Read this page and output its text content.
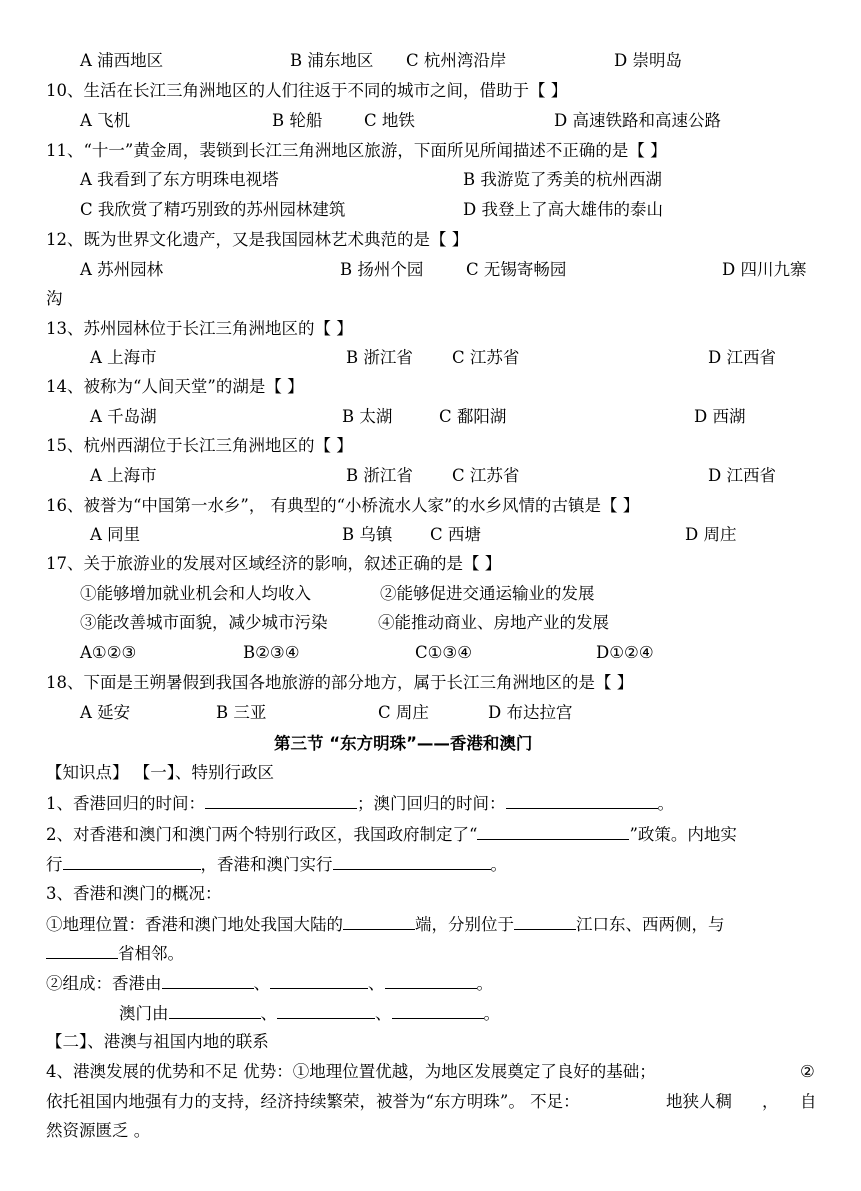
A 浦西地区	B 浦东地区 C 杭州湾沿岸	D 崇明岛
10、生活在长江三角洲地区的人们往返于不同的城市之间，借助于【 】
A 飞机	B 轮船	C 地铁	D 高速铁路和高速公路
11、“十一”黄金周，裴锁到长江三角洲地区旅游，下面所见所闻描述不正确的是【 】
A 我看到了东方明珠电视塔	B 我游览了秀美的杭州西湖
C 我欣赏了精巧别致的苏州园林建筑	D 我登上了高大雄伟的泰山
12、既为世界文化遗产，又是我国园林艺术典范的是【 】
A 苏州园林	B 扬州个园	C 无锡寄畅园	D 四川九寨
沟
13、苏州园林位于长江三角洲地区的【 】
A 上海市	B 浙江省 C 江苏省	D 江西省
14、被称为“人间天堂”的湖是【 】
A 千岛湖	B 太湖	C 鄱阳湖	D 西湖
15、杭州西湖位于长江三角洲地区的【 】
A 上海市	B 浙江省 C 江苏省	D 江西省
16、被誉为“中国第一水乡”， 有典型的“小桥流水人家”的水乡风情的古镇是【 】
A 同里	B 乌镇 C 西塘	D 周庄
17、关于旅游业的发展对区域经济的影响，叙述正确的是【 】
①能够增加就业机会和人均收入	②能够促进交通运输业的发展
③能改善城市面貌，减少城市污染	④能推动商业、房地产业的发展
A①②③	B②③④	C①③④	D①②④
18、下面是王朔暑假到我国各地旅游的部分地方，属于长江三角洲地区的是【 】
A 延安	B 三亚	C 周庄	D 布达拉宫
第三节 “东方明珠”——香港和澳门
【知识点】 【一】、特别行政区
1、香港回归的时间：	；澳门回归的时间：	。
2、对香港和澳门和澳门两个特别行政区，我国政府制定了“	”政策。内地实
行	，香港和澳门实行	。
3、香港和澳门的概况：
①地理位置：香港和澳门地处我国大陆的	端，分别位于	江口东、西两侧，与
省相邻。
②组成：香港由	、	、	。
澳门由	、	、	。
【二】、港澳与祖国内地的联系
4、港澳发展的优势和不足 优势：①地理位置优越，为地区发展奠定了良好的基础；	②
依托祖国内地强有力的支持，经济持续繁荣，被誉为“东方明珠”。 不足：	地狭人稠 ， 自
然资源匮乏 。
